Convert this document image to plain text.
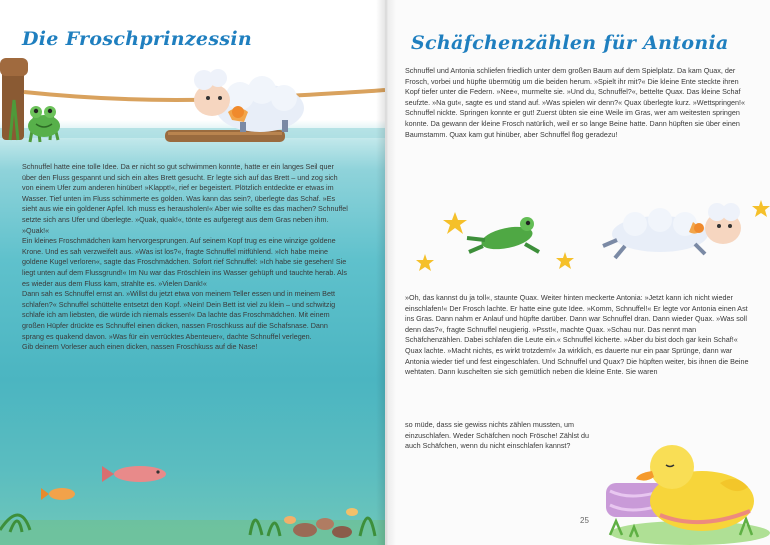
Die Froschprinzessin

Schnuffel hatte eine tolle Idee. Da er nicht so gut schwimmen konnte, hatte er ein langes Seil quer über den Fluss gespannt und sich ein altes Brett gesucht. Er legte sich auf das Brett – und zog sich von einem Ufer zum anderen hinüber! »Klappt!«, rief er begeistert. Plötzlich entdeckte er etwas im Wasser. Tief unten im Fluss schimmerte es golden. Was kann das sein?, überlegte das Schaf. »Es sieht aus wie ein goldener Apfel. Ich muss es herausholen!« Aber wie sollte es das machen? Schnuffel setzte sich ans Ufer und überlegte. »Quak, quak!«, tönte es aufgeregt aus dem Gras neben ihm. »Quak!«

Ein kleines Froschmädchen kam hervorgesprungen. Auf seinem Kopf trug es eine winzige goldene Krone. Und es sah verzweifelt aus. »Was ist los?«, fragte Schnuffel mitfühlend. »Ich habe meine goldene Kugel verloren«, sagte das Froschmädchen. Sofort rief Schnuffel: »Ich habe sie gesehen! Sie liegt unten auf dem Flussgrund!« Im Nu war das Fröschlein ins Wasser gehüpft und tauchte herab. Als es wieder aus dem Fluss kam, strahlte es. »Vielen Dank!«

Dann sah es Schnuffel ernst an. »Willst du jetzt etwa von meinem Teller essen und in meinem Bett schlafen?« Schnuffel schüttelte entsetzt den Kopf. »Nein! Dein Bett ist viel zu klein – und schwitzig schlafe ich am liebsten, die würde ich niemals essen!« Da lachte das Froschmädchen. Mit einem großen Hüpfer drückte es Schnuffel einen dicken, nassen Froschkuss auf die Schafsnase. Dann sprang es quakend davon. »Was für ein verrücktes Abenteuer«, dachte Schnuffel verlegen.

Gib deinem Vorleser auch einen dicken, nassen Froschkuss auf die Nase!

Schäfchenzählen für Antonia

Schnuffel und Antonia schliefen friedlich unter dem großen Baum auf dem Spielplatz. Da kam Quax, der Frosch, vorbei und hüpfte übermütig um die beiden herum. »Spielt ihr mit?« Die kleine Ente steckte ihren Kopf tiefer unter die Federn. »Nee«, murmelte sie. »Und du, Schnuffel?«, bettelte Quax. Das kleine Schaf seufzte. »Na gut«, sagte es und stand auf. »Was spielen wir denn?« Quax überlegte kurz. »Wettspringen!« Schnuffel nickte. Springen konnte er gut! Zuerst übten sie eine Weile im Gras, wer am weitesten springen konnte. Da gewann der kleine Frosch natürlich, weil er so lange Beine hatte. Dann hüpften sie über einen Baumstamm. Quax kam gut hinüber, aber Schnuffel flog geradezu!

»Oh, das kannst du ja toll«, staunte Quax. Weiter hinten meckerte Antonia: »Jetzt kann ich nicht wieder einschlafen!« Der Frosch lachte. Er hatte eine gute Idee. »Komm, Schnuffel!« Er legte vor Antonia einen Ast ins Gras. Dann nahm er Anlauf und hüpfte darüber. Dann war Schnuffel dran. Dann wieder Quax. »Was soll denn das?«, fragte Schnuffel neugierig. »Psst!«, machte Quax. »Schau nur. Das nennt man Schäfchenzählen. Dabei schlafen die Leute ein.« Schnuffel kicherte. »Aber du bist doch gar kein Schaf!« Quax lachte. »Macht nichts, es wirkt trotzdem!« Ja wirklich, es dauerte nur ein paar Sprünge, dann war Antonia wieder tief und fest eingeschlafen. Und Schnuffel und Quax? Die hüpften weiter, bis ihnen die Beine wehtaten. Dann kuschelten sie sich gemütlich neben die kleine Ente. Sie waren

so müde, dass sie gewiss nichts zählen mussten, um einzuschlafen. Weder Schäfchen noch Frösche! Zählst du auch Schäfchen, wenn du nicht einschlafen kannst?

25
